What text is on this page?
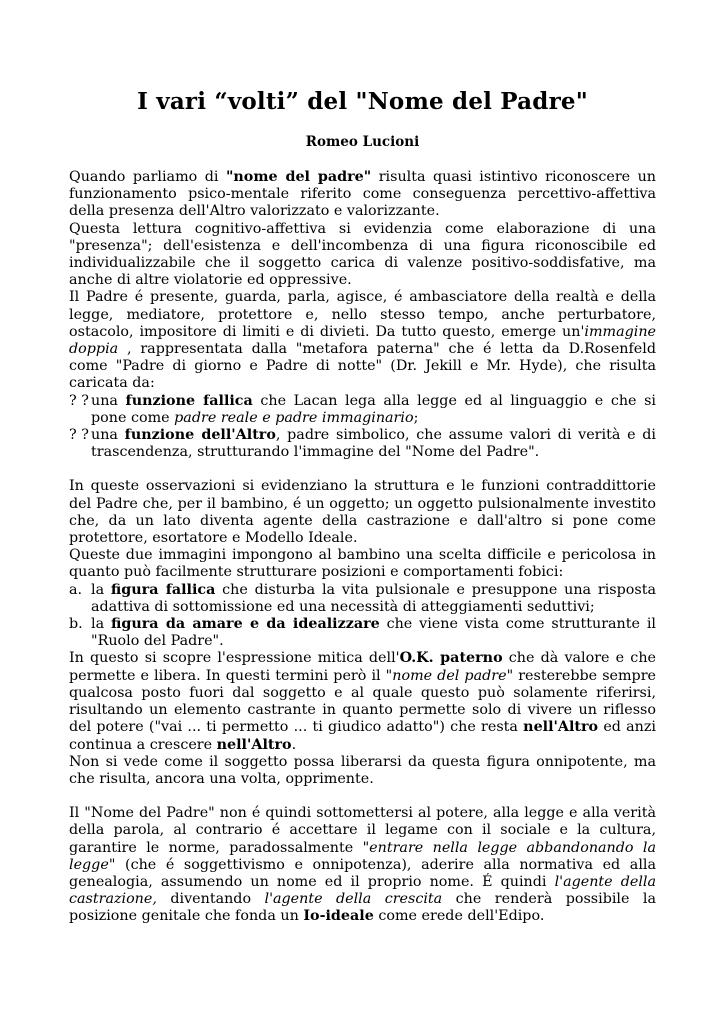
I vari “volti” del "Nome del Padre"
Romeo Lucioni

Quando parliamo di "nome del padre" risulta quasi istintivo riconoscere un funzionamento psico-mentale riferito come conseguenza percettivo-affettiva della presenza dell'Altro valorizzato e valorizzante.

Questa lettura cognitivo-affettiva si evidenzia come elaborazione di una "presenza"; dell'esistenza e dell'incombenza di una figura riconoscibile ed individualizzabile che il soggetto carica di valenze positivo-soddisfative, ma anche di altre violatorie ed oppressive.

Il Padre é presente, guarda, parla, agisce, é ambasciatore della realtà e della legge, mediatore, protettore e, nello stesso tempo, anche perturbatore, ostacolo, impositore di limiti e di divieti. Da tutto questo, emerge un'immagine doppia , rappresentata dalla "metafora paterna" che é letta da D.Rosenfeld come "Padre di giorno e Padre di notte" (Dr. Jekill e Mr. Hyde), che risulta caricata da:

? ? una funzione fallica che Lacan lega alla legge ed al linguaggio e che si pone come padre reale e padre immaginario;
? ? una funzione dell'Altro, padre simbolico, che assume valori di verità e di trascendenza, strutturando l'immagine del "Nome del Padre".

In queste osservazioni si evidenziano la struttura e le funzioni contraddittorie del Padre che, per il bambino, é un oggetto; un oggetto pulsionalmente investito che, da un lato diventa agente della castrazione e dall'altro si pone come protettore, esortatore e Modello Ideale.

Queste due immagini impongono al bambino una scelta difficile e pericolosa in quanto può facilmente strutturare posizioni e comportamenti fobici:

a. la figura fallica che disturba la vita pulsionale e presuppone una risposta adattiva di sottomissione ed una necessità di atteggiamenti seduttivi;
b. la figura da amare e da idealizzare che viene vista come strutturante il "Ruolo del Padre".

In questo si scopre l'espressione mitica dell'O.K. paterno che dà valore e che permette e libera. In questi termini però il "nome del padre" resterebbe sempre qualcosa posto fuori dal soggetto e al quale questo può solamente riferirsi, risultando un elemento castrante in quanto permette solo di vivere un riflesso del potere ("vai ... ti permetto ... ti giudico adatto") che resta nell'Altro ed anzi continua a crescere nell'Altro.

Non si vede come il soggetto possa liberarsi da questa figura onnipotente, ma che risulta, ancora una volta, opprimente.

Il "Nome del Padre" non é quindi sottomettersi al potere, alla legge e alla verità della parola, al contrario é accettare il legame con il sociale e la cultura, garantire le norme, paradossalmente "entrare nella legge abbandonando la legge" (che é soggettivismo e onnipotenza), aderire alla normativa ed alla genealogia, assumendo un nome ed il proprio nome. É quindi l'agente della castrazione, diventando l'agente della crescita che renderà possibile la posizione genitale che fonda un Io-ideale come erede dell'Edipo.
